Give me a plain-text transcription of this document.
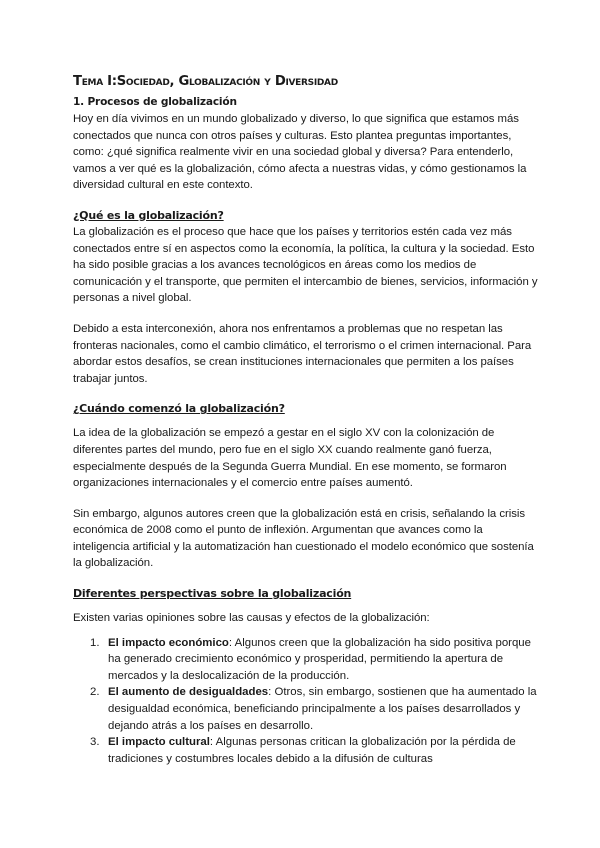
Tema I:Sociedad, Globalización y Diversidad
1. Procesos de globalización

Hoy en día vivimos en un mundo globalizado y diverso, lo que significa que estamos más conectados que nunca con otros países y culturas. Esto plantea preguntas importantes, como: ¿qué significa realmente vivir en una sociedad global y diversa? Para entenderlo, vamos a ver qué es la globalización, cómo afecta a nuestras vidas, y cómo gestionamos la diversidad cultural en este contexto.

¿Qué es la globalización?

La globalización es el proceso que hace que los países y territorios estén cada vez más conectados entre sí en aspectos como la economía, la política, la cultura y la sociedad. Esto ha sido posible gracias a los avances tecnológicos en áreas como los medios de comunicación y el transporte, que permiten el intercambio de bienes, servicios, información y personas a nivel global.

Debido a esta interconexión, ahora nos enfrentamos a problemas que no respetan las fronteras nacionales, como el cambio climático, el terrorismo o el crimen internacional. Para abordar estos desafíos, se crean instituciones internacionales que permiten a los países trabajar juntos.

¿Cuándo comenzó la globalización?

La idea de la globalización se empezó a gestar en el siglo XV con la colonización de diferentes partes del mundo, pero fue en el siglo XX cuando realmente ganó fuerza, especialmente después de la Segunda Guerra Mundial. En ese momento, se formaron organizaciones internacionales y el comercio entre países aumentó.

Sin embargo, algunos autores creen que la globalización está en crisis, señalando la crisis económica de 2008 como el punto de inflexión. Argumentan que avances como la inteligencia artificial y la automatización han cuestionado el modelo económico que sostenía la globalización.

Diferentes perspectivas sobre la globalización

Existen varias opiniones sobre las causas y efectos de la globalización:

1. El impacto económico: Algunos creen que la globalización ha sido positiva porque ha generado crecimiento económico y prosperidad, permitiendo la apertura de mercados y la deslocalización de la producción.
2. El aumento de desigualdades: Otros, sin embargo, sostienen que ha aumentado la desigualdad económica, beneficiando principalmente a los países desarrollados y dejando atrás a los países en desarrollo.
3. El impacto cultural: Algunas personas critican la globalización por la pérdida de tradiciones y costumbres locales debido a la difusión de culturas
